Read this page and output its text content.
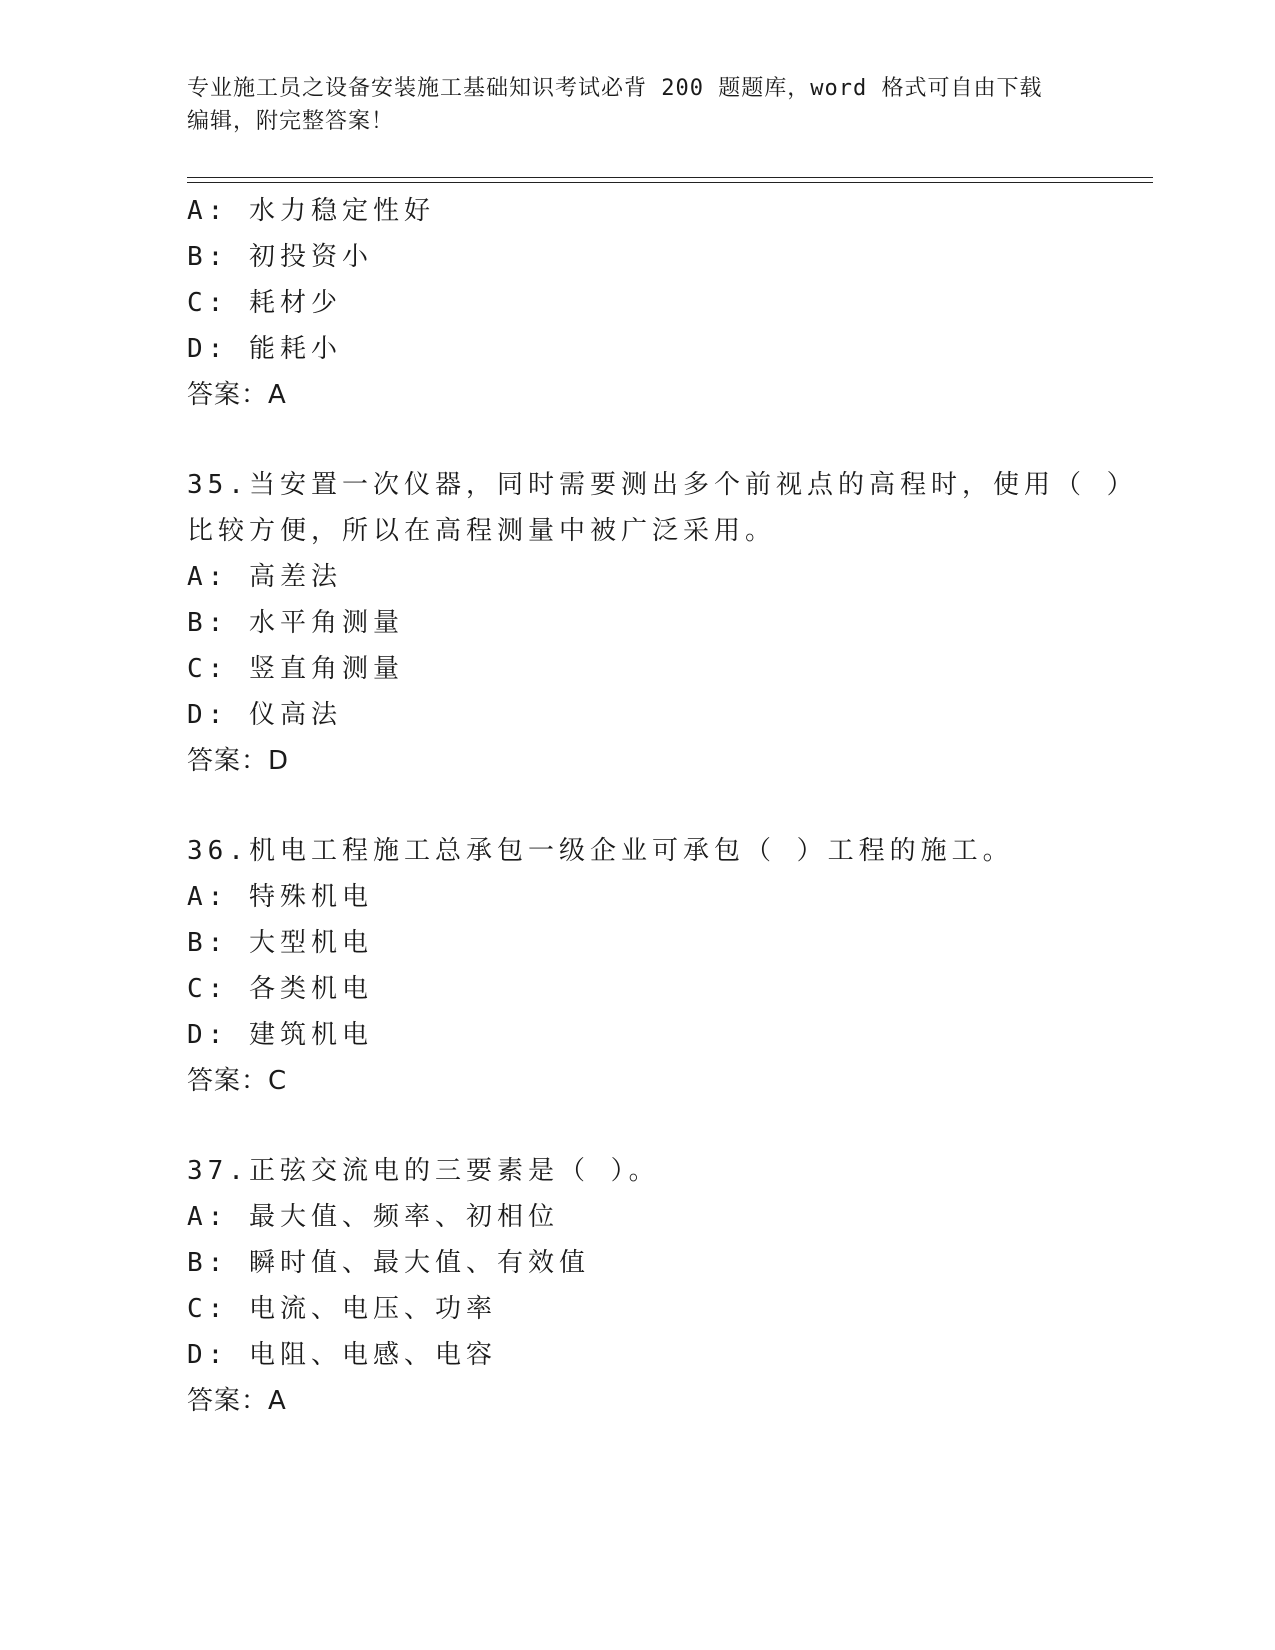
专业施工员之设备安装施工基础知识考试必背 200 题题库，word 格式可自由下载
编辑，附完整答案！
A: 水力稳定性好
B: 初投资小
C: 耗材少
D: 能耗小
答案：A
35.当安置一次仪器，同时需要测出多个前视点的高程时，使用（ ）
比较方便，所以在高程测量中被广泛采用。
A: 高差法
B: 水平角测量
C: 竖直角测量
D: 仪高法
答案：D
36.机电工程施工总承包一级企业可承包（ ）工程的施工。
A: 特殊机电
B: 大型机电
C: 各类机电
D: 建筑机电
答案：C
37.正弦交流电的三要素是（ ）。
A: 最大值、频率、初相位
B: 瞬时值、最大值、有效值
C: 电流、电压、功率
D: 电阻、电感、电容
答案：A
